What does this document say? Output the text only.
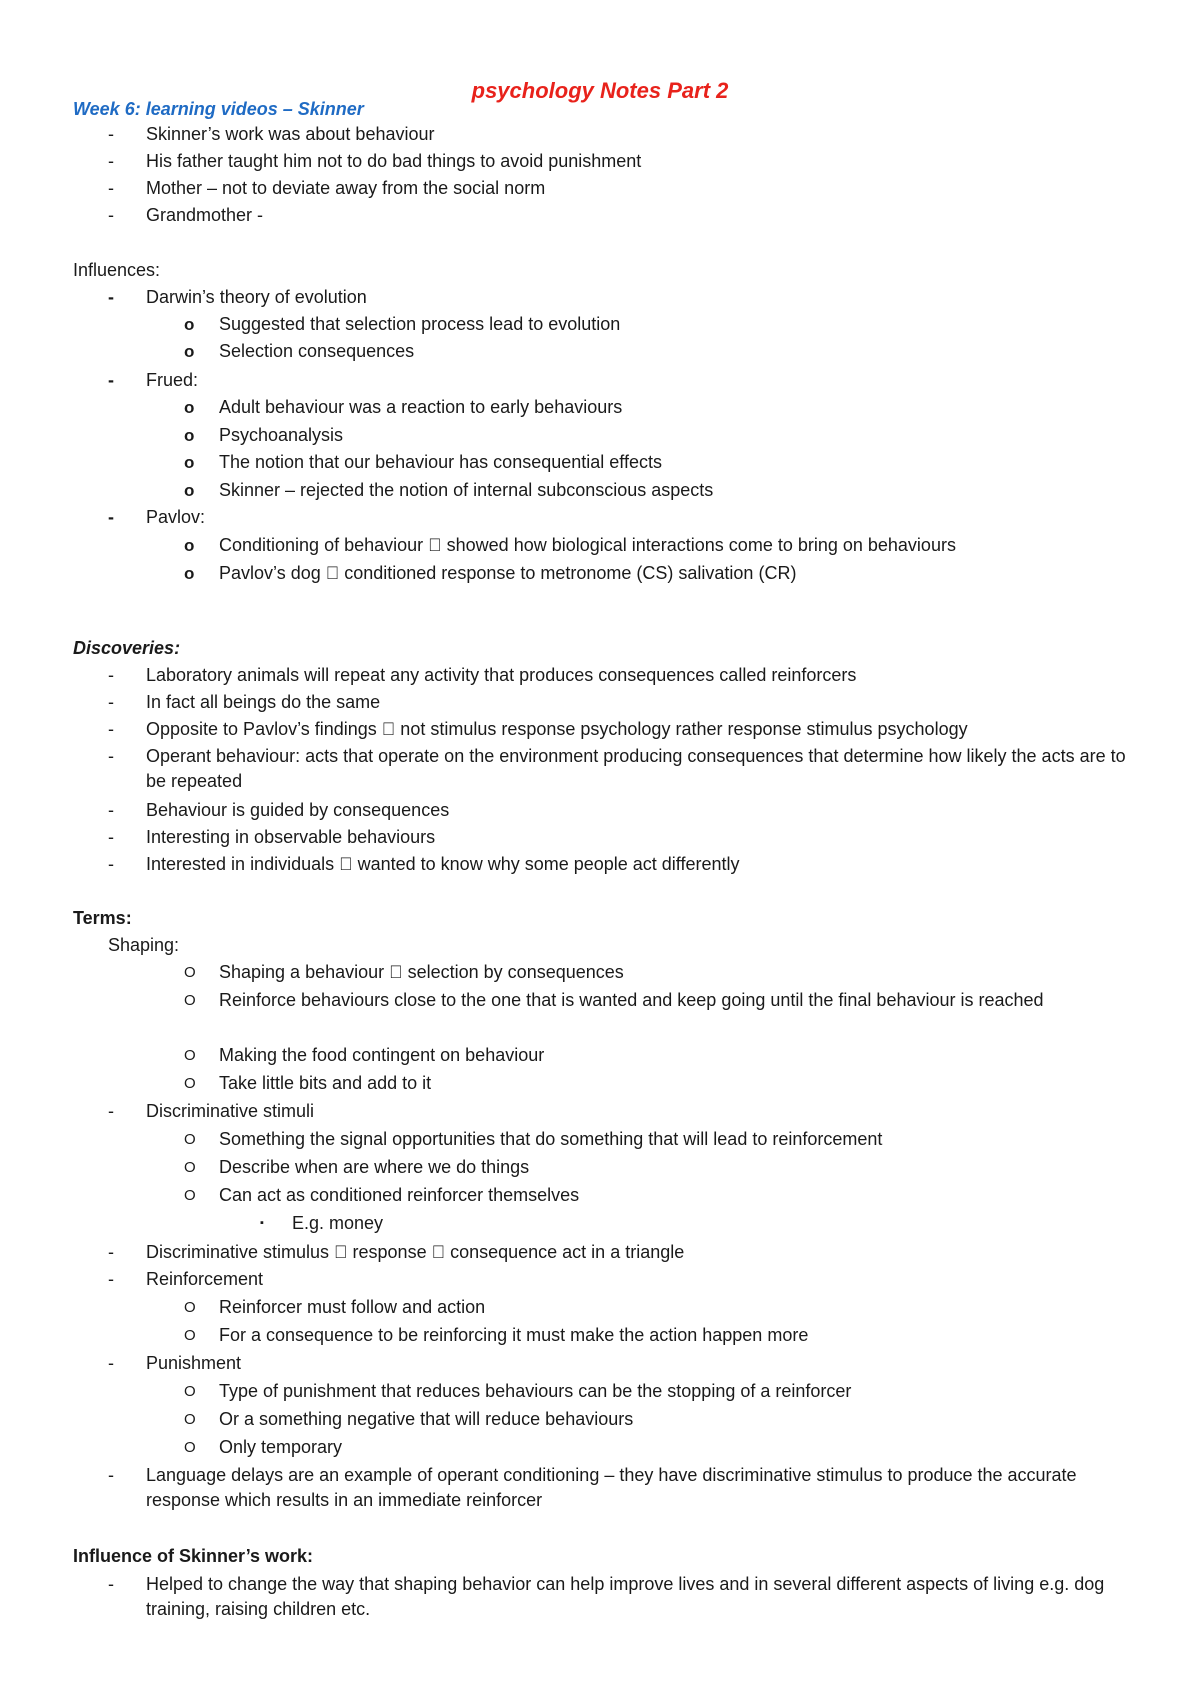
psychology Notes Part 2
Week 6: learning videos – Skinner
- Skinner’s work was about behaviour
- His father taught him not to do bad things to avoid punishment
- Mother – not to deviate away from the social norm
- Grandmother -
Influences:
- Darwin’s theory of evolution
o Suggested that selection process lead to evolution
o Selection consequences
- Frued:
o Adult behaviour was a reaction to early behaviours
o Psychoanalysis
o The notion that our behaviour has consequential effects
o Skinner – rejected the notion of internal subconscious aspects
- Pavlov:
o Conditioning of behaviour showed how biological interactions come to bring on behaviours
o Pavlov’s dog conditioned response to metronome (CS) salivation (CR)
Discoveries:
- Laboratory animals will repeat any activity that produces consequences called reinforcers
- In fact all beings do the same
- Opposite to Pavlov’s findings not stimulus response psychology rather response stimulus psychology
- Operant behaviour: acts that operate on the environment producing consequences that determine how likely the acts are to be repeated
- Behaviour is guided by consequences
- Interesting in observable behaviours
- Interested in individuals wanted to know why some people act differently
Terms:
Shaping:
O Shaping a behaviour selection by consequences
O Reinforce behaviours close to the one that is wanted and keep going until the final behaviour is reached
O Making the food contingent on behaviour
O Take little bits and add to it
- Discriminative stimuli
O Something the signal opportunities that do something that will lead to reinforcement
O Describe when are where we do things
O Can act as conditioned reinforcer themselves
▪ E.g. money
- Discriminative stimulus response consequence act in a triangle
- Reinforcement
O Reinforcer must follow and action
O For a consequence to be reinforcing it must make the action happen more
- Punishment
O Type of punishment that reduces behaviours can be the stopping of a reinforcer
O Or a something negative that will reduce behaviours
O Only temporary
- Language delays are an example of operant conditioning – they have discriminative stimulus to produce the accurate response which results in an immediate reinforcer
Influence of Skinner’s work:
- Helped to change the way that shaping behavior can help improve lives and in several different aspects of living e.g. dog training, raising children etc.
